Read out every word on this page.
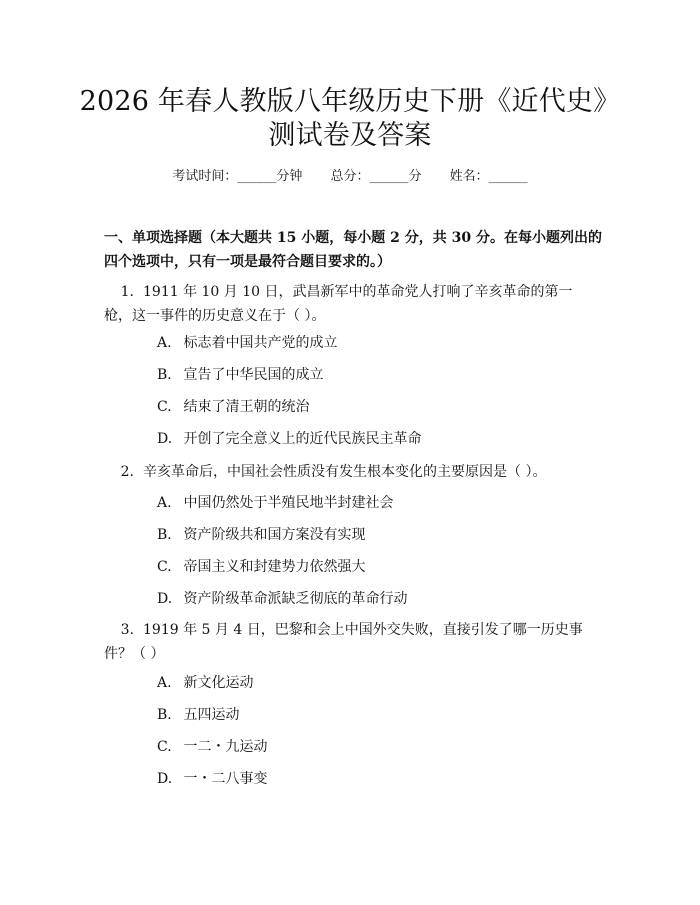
2026 年春人教版八年级历史下册《近代史》
测试卷及答案
考试时间：______分钟 总分：______分 姓名：______

一、单项选择题（本大题共 15 小题，每小题 2 分，共 30 分。在每小题列出的四个选项中，只有一项是最符合题目要求的。）

1. 1911 年 10 月 10 日，武昌新军中的革命党人打响了辛亥革命的第一枪，这一事件的历史意义在于（ ）。

A. 标志着中国共产党的成立

B. 宣告了中华民国的成立

C. 结束了清王朝的统治

D. 开创了完全意义上的近代民族民主革命

2. 辛亥革命后，中国社会性质没有发生根本变化的主要原因是（ ）。

A. 中国仍然处于半殖民地半封建社会

B. 资产阶级共和国方案没有实现

C. 帝国主义和封建势力依然强大

D. 资产阶级革命派缺乏彻底的革命行动

3. 1919 年 5 月 4 日，巴黎和会上中国外交失败，直接引发了哪一历史事件？（ ）

A. 新文化运动

B. 五四运动

C. 一二・九运动

D. 一・二八事变
